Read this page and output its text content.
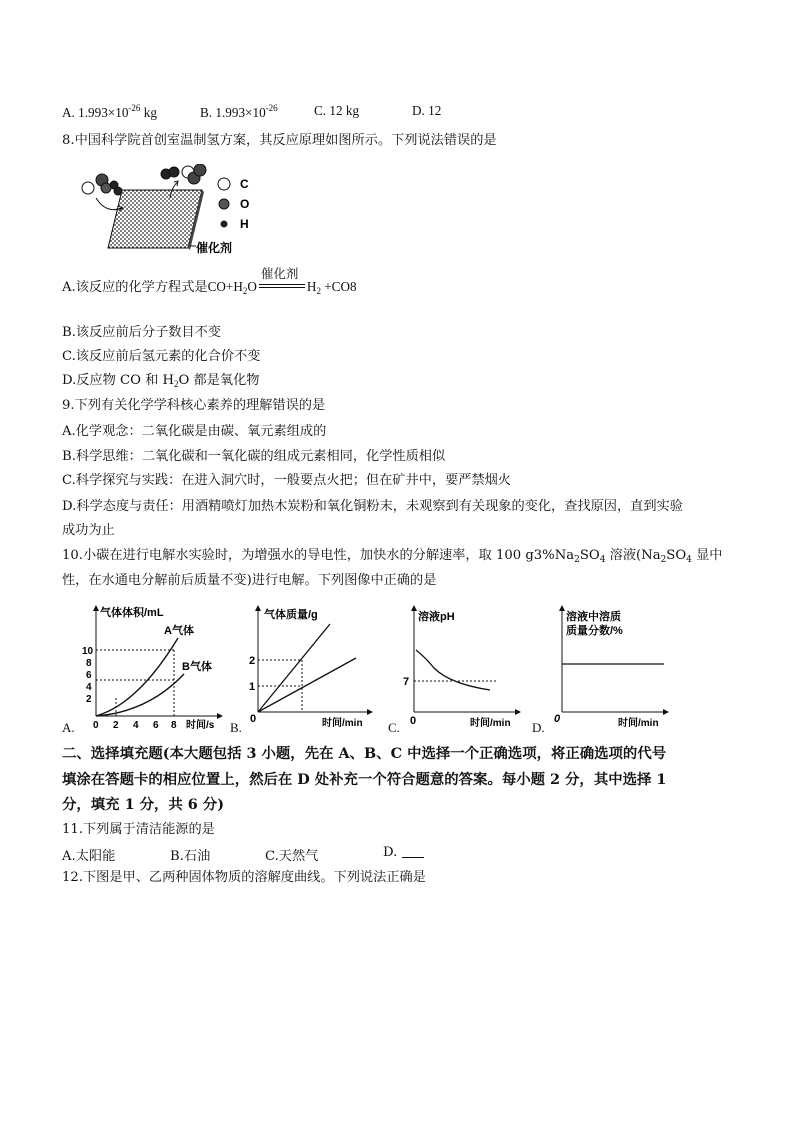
A. $1.993\times 10^{-26}$ kg	B. $1.993\times 10^{-26}$	C. 12 kg	D. 12
8.中国科学院首创室温制氢方案，其反应原理如图所示。下列说法错误的是
C
O
H
催化剂
A.该反应的化学方程式是$CO+H_2O$
催化剂
$H_2 +CO8$
B.该反应前后分子数目不变
C.该反应前后氢元素的化合价不变
D.反应物 CO 和 $H_2O$ 都是氧化物
9.下列有关化学学科核心素养的理解错误的是
A.化学观念：二氧化碳是由碳、氧元素组成的
B.科学思维：二氧化碳和一氧化碳的组成元素相同，化学性质相似
C.科学探究与实践：在进入洞穴时，一般要点火把；但在矿井中，要严禁烟火
D.科学态度与责任：用酒精喷灯加热木炭粉和氧化铜粉末，未观察到有关现象的变化，查找原因，直到实验
成功为止
10.小碳在进行电解水实验时，为增强水的导电性，加快水的分解速率，取 100 $g3\%Na_2SO_4$ 溶液($Na_2SO_4$ 显中
性，在水通电分解前后质量不变)进行电解。下列图像中正确的是
A.
气体体积/mL
时间/s
10
8
6
4
2
0 2 4 6 8
A气体
B气体
B.
气体质量/g
时间/min
2
1
0
C.
溶液pH
时间/min
7
0	D.
溶液中溶质
质量分数/%
时间/min
0
二、选择填充题(本大题包括 3 小题，先在 A、B、C 中选择一个正确选项，将正确选项的代号
填涂在答题卡的相应位置上，然后在 D 处补充一个符合题意的答案。每小题 2 分，其中选择 1
分，填充 1 分，共 6 分)
11.下列属于清洁能源的是
A.太阳能	B.石油	C.天然气	D.
12.下图是甲、乙两种固体物质的溶解度曲线。下列说法正确是
